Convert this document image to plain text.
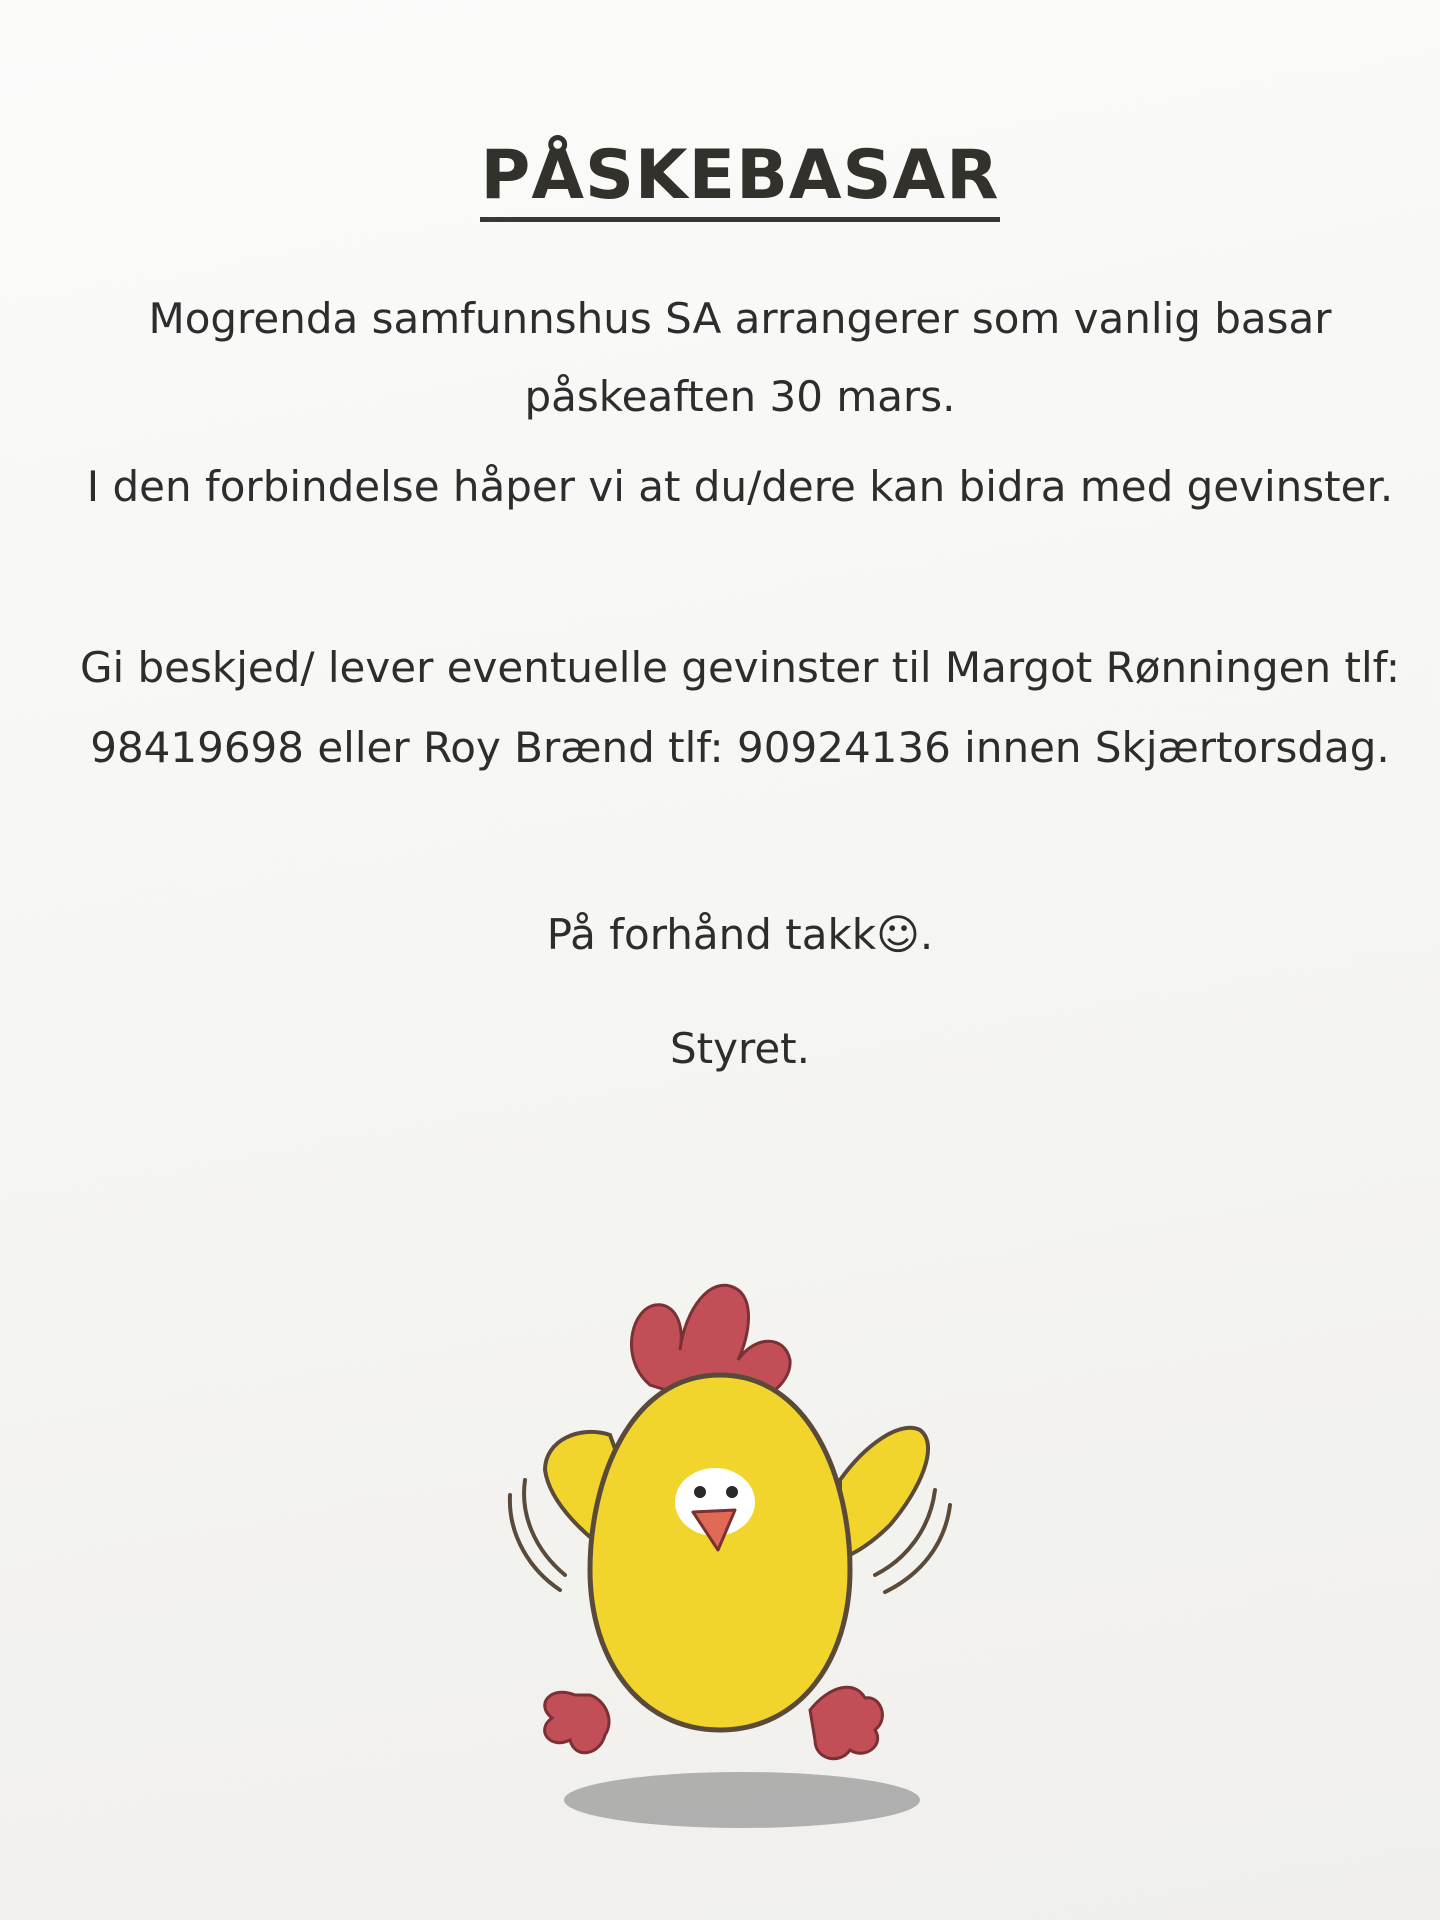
PÅSKEBASAR

Mogrenda samfunnshus SA arrangerer som vanlig basar påskeaften 30 mars.

I den forbindelse håper vi at du/dere kan bidra med gevinster.

Gi beskjed/ lever eventuelle gevinster til Margot Rønningen tlf: 98419698 eller Roy Brænd tlf: 90924136 innen Skjærtorsdag.

På forhånd takk☺.

Styret.
